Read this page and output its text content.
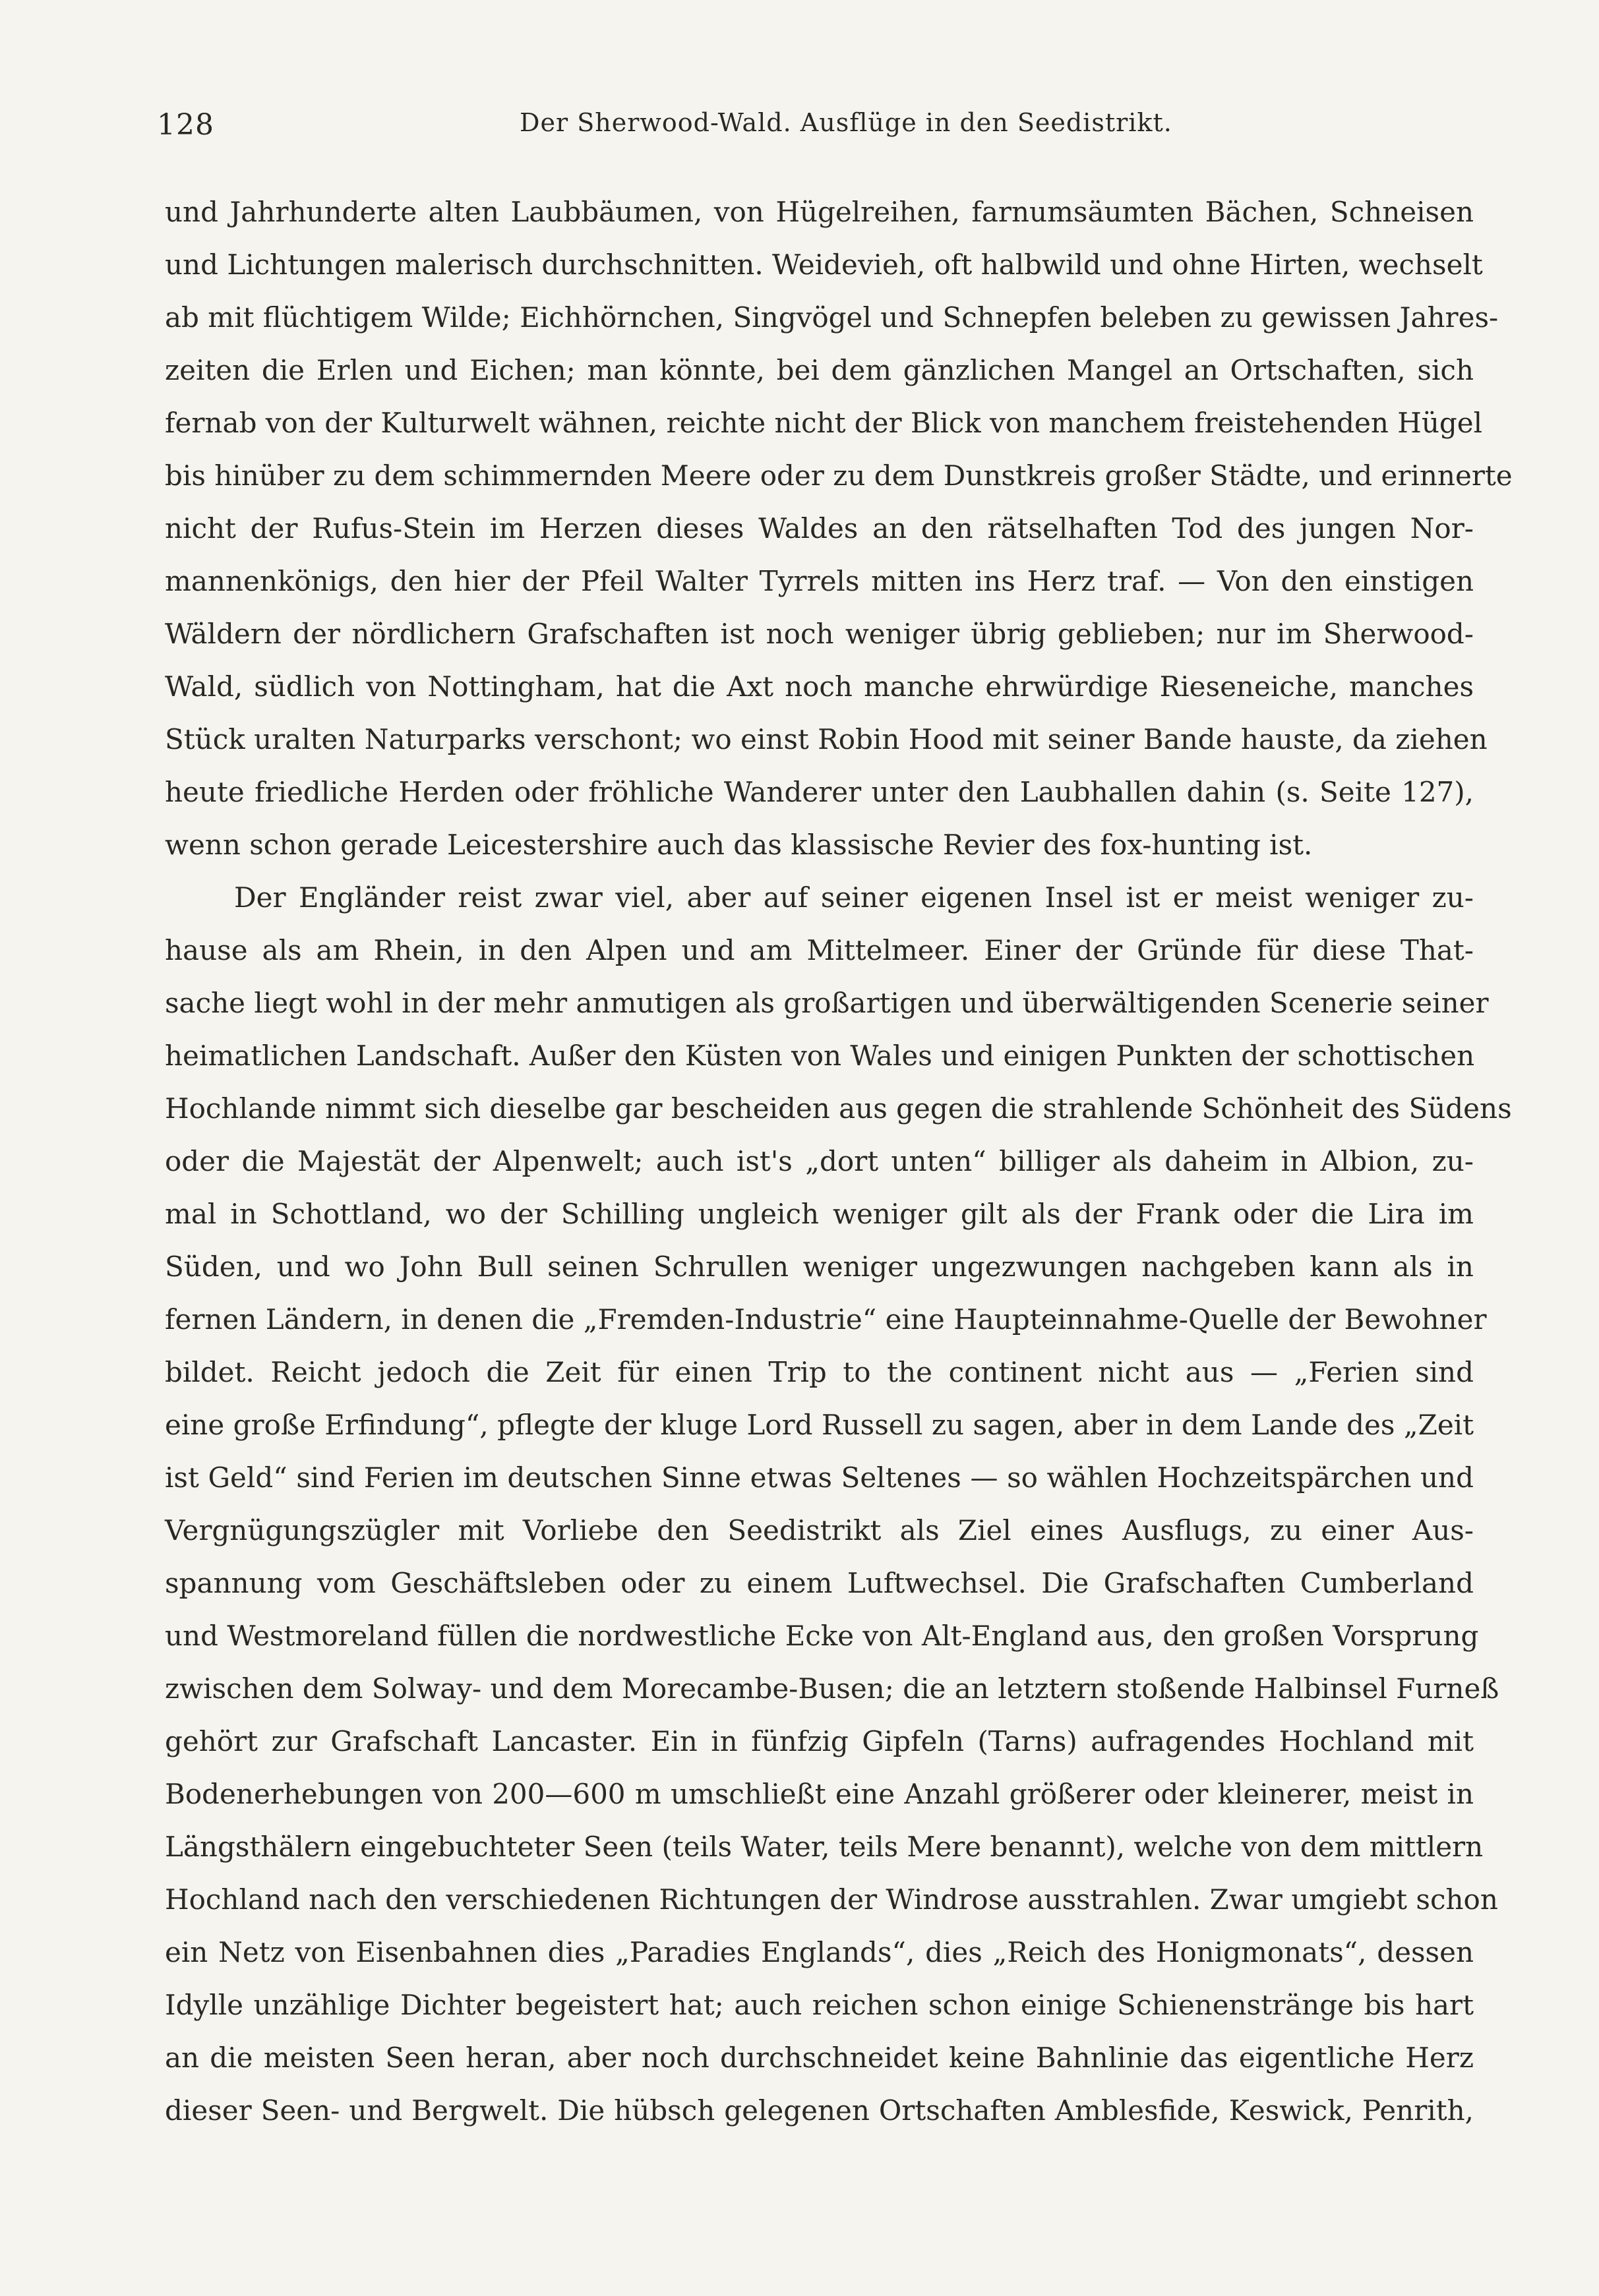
128	Der Sherwood-Wald. Ausflüge in den Seedistrikt.
und Jahrhunderte alten Laubbäumen, von Hügelreihen, farnumsäumten Bächen, Schneisen
und Lichtungen malerisch durchschnitten. Weidevieh, oft halbwild und ohne Hirten, wechselt
ab mit flüchtigem Wilde; Eichhörnchen, Singvögel und Schnepfen beleben zu gewissen Jahres-
zeiten die Erlen und Eichen; man könnte, bei dem gänzlichen Mangel an Ortschaften, sich
fernab von der Kulturwelt wähnen, reichte nicht der Blick von manchem freistehenden Hügel
bis hinüber zu dem schimmernden Meere oder zu dem Dunstkreis großer Städte, und erinnerte
nicht der Rufus-Stein im Herzen dieses Waldes an den rätselhaften Tod des jungen Nor-
mannenkönigs, den hier der Pfeil Walter Tyrrels mitten ins Herz traf. — Von den einstigen
Wäldern der nördlichern Grafschaften ist noch weniger übrig geblieben; nur im Sherwood-
Wald, südlich von Nottingham, hat die Axt noch manche ehrwürdige Rieseneiche, manches
Stück uralten Naturparks verschont; wo einst Robin Hood mit seiner Bande hauste, da ziehen
heute friedliche Herden oder fröhliche Wanderer unter den Laubhallen dahin (s. Seite 127),
wenn schon gerade Leicestershire auch das klassische Revier des fox-hunting ist.
Der Engländer reist zwar viel, aber auf seiner eigenen Insel ist er meist weniger zu-
hause als am Rhein, in den Alpen und am Mittelmeer. Einer der Gründe für diese That-
sache liegt wohl in der mehr anmutigen als großartigen und überwältigenden Scenerie seiner
heimatlichen Landschaft. Außer den Küsten von Wales und einigen Punkten der schottischen
Hochlande nimmt sich dieselbe gar bescheiden aus gegen die strahlende Schönheit des Südens
oder die Majestät der Alpenwelt; auch ist's „dort unten“ billiger als daheim in Albion, zu-
mal in Schottland, wo der Schilling ungleich weniger gilt als der Frank oder die Lira im
Süden, und wo John Bull seinen Schrullen weniger ungezwungen nachgeben kann als in
fernen Ländern, in denen die „Fremden-Industrie“ eine Haupteinnahme-Quelle der Bewohner
bildet. Reicht jedoch die Zeit für einen Trip to the continent nicht aus — „Ferien sind
eine große Erfindung“, pflegte der kluge Lord Russell zu sagen, aber in dem Lande des „Zeit
ist Geld“ sind Ferien im deutschen Sinne etwas Seltenes — so wählen Hochzeitspärchen und
Vergnügungszügler mit Vorliebe den Seedistrikt als Ziel eines Ausflugs, zu einer Aus-
spannung vom Geschäftsleben oder zu einem Luftwechsel. Die Grafschaften Cumberland
und Westmoreland füllen die nordwestliche Ecke von Alt-England aus, den großen Vorsprung
zwischen dem Solway- und dem Morecambe-Busen; die an letztern stoßende Halbinsel Furneß
gehört zur Grafschaft Lancaster. Ein in fünfzig Gipfeln (Tarns) aufragendes Hochland mit
Bodenerhebungen von 200—600 m umschließt eine Anzahl größerer oder kleinerer, meist in
Längsthälern eingebuchteter Seen (teils Water, teils Mere benannt), welche von dem mittlern
Hochland nach den verschiedenen Richtungen der Windrose ausstrahlen. Zwar umgiebt schon
ein Netz von Eisenbahnen dies „Paradies Englands“, dies „Reich des Honigmonats“, dessen
Idylle unzählige Dichter begeistert hat; auch reichen schon einige Schienenstränge bis hart
an die meisten Seen heran, aber noch durchschneidet keine Bahnlinie das eigentliche Herz
dieser Seen- und Bergwelt. Die hübsch gelegenen Ortschaften Amblesfide, Keswick, Penrith,
